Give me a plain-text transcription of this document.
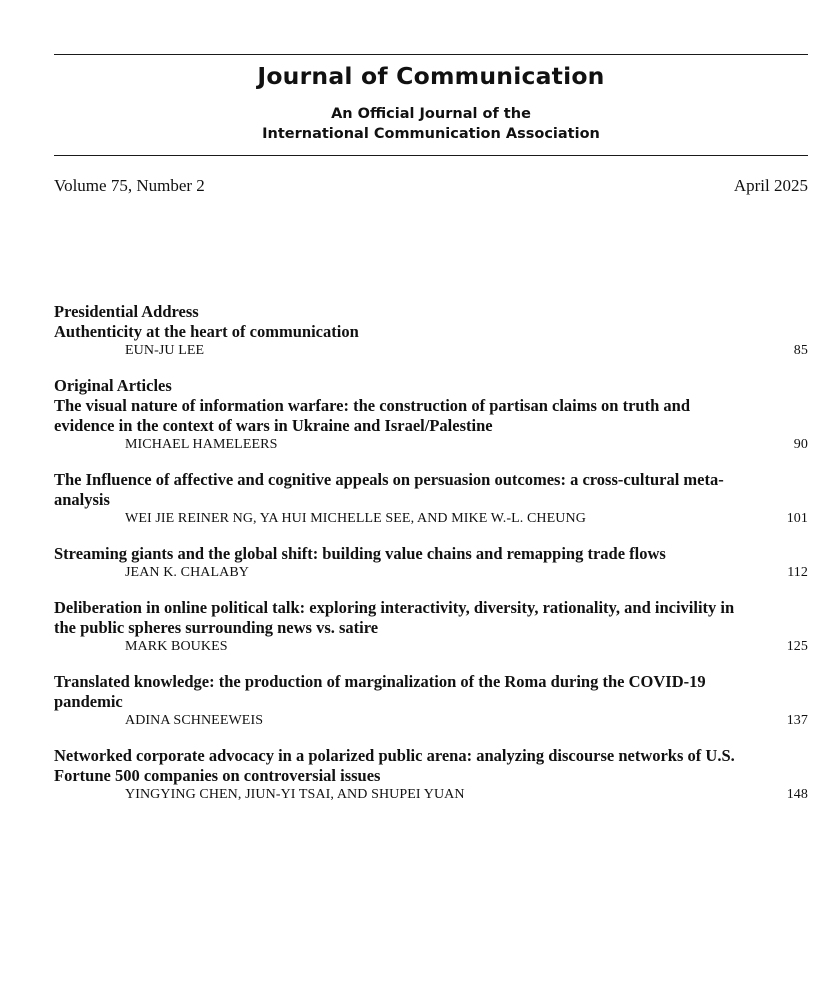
Journal of Communication
An Official Journal of the
International Communication Association
Volume 75, Number 2	April 2025
Presidential Address
Authenticity at the heart of communication
EUN-JU LEE	85
Original Articles
The visual nature of information warfare: the construction of partisan claims on truth and evidence in the context of wars in Ukraine and Israel/Palestine
MICHAEL HAMELEERS	90
The Influence of affective and cognitive appeals on persuasion outcomes: a cross-cultural meta-analysis
WEI JIE REINER NG, YA HUI MICHELLE SEE, AND MIKE W.-L. CHEUNG	101
Streaming giants and the global shift: building value chains and remapping trade flows
JEAN K. CHALABY	112
Deliberation in online political talk: exploring interactivity, diversity, rationality, and incivility in the public spheres surrounding news vs. satire
MARK BOUKES	125
Translated knowledge: the production of marginalization of the Roma during the COVID-19 pandemic
ADINA SCHNEEWEIS	137
Networked corporate advocacy in a polarized public arena: analyzing discourse networks of U.S. Fortune 500 companies on controversial issues
YINGYING CHEN, JIUN-YI TSAI, AND SHUPEI YUAN	148
